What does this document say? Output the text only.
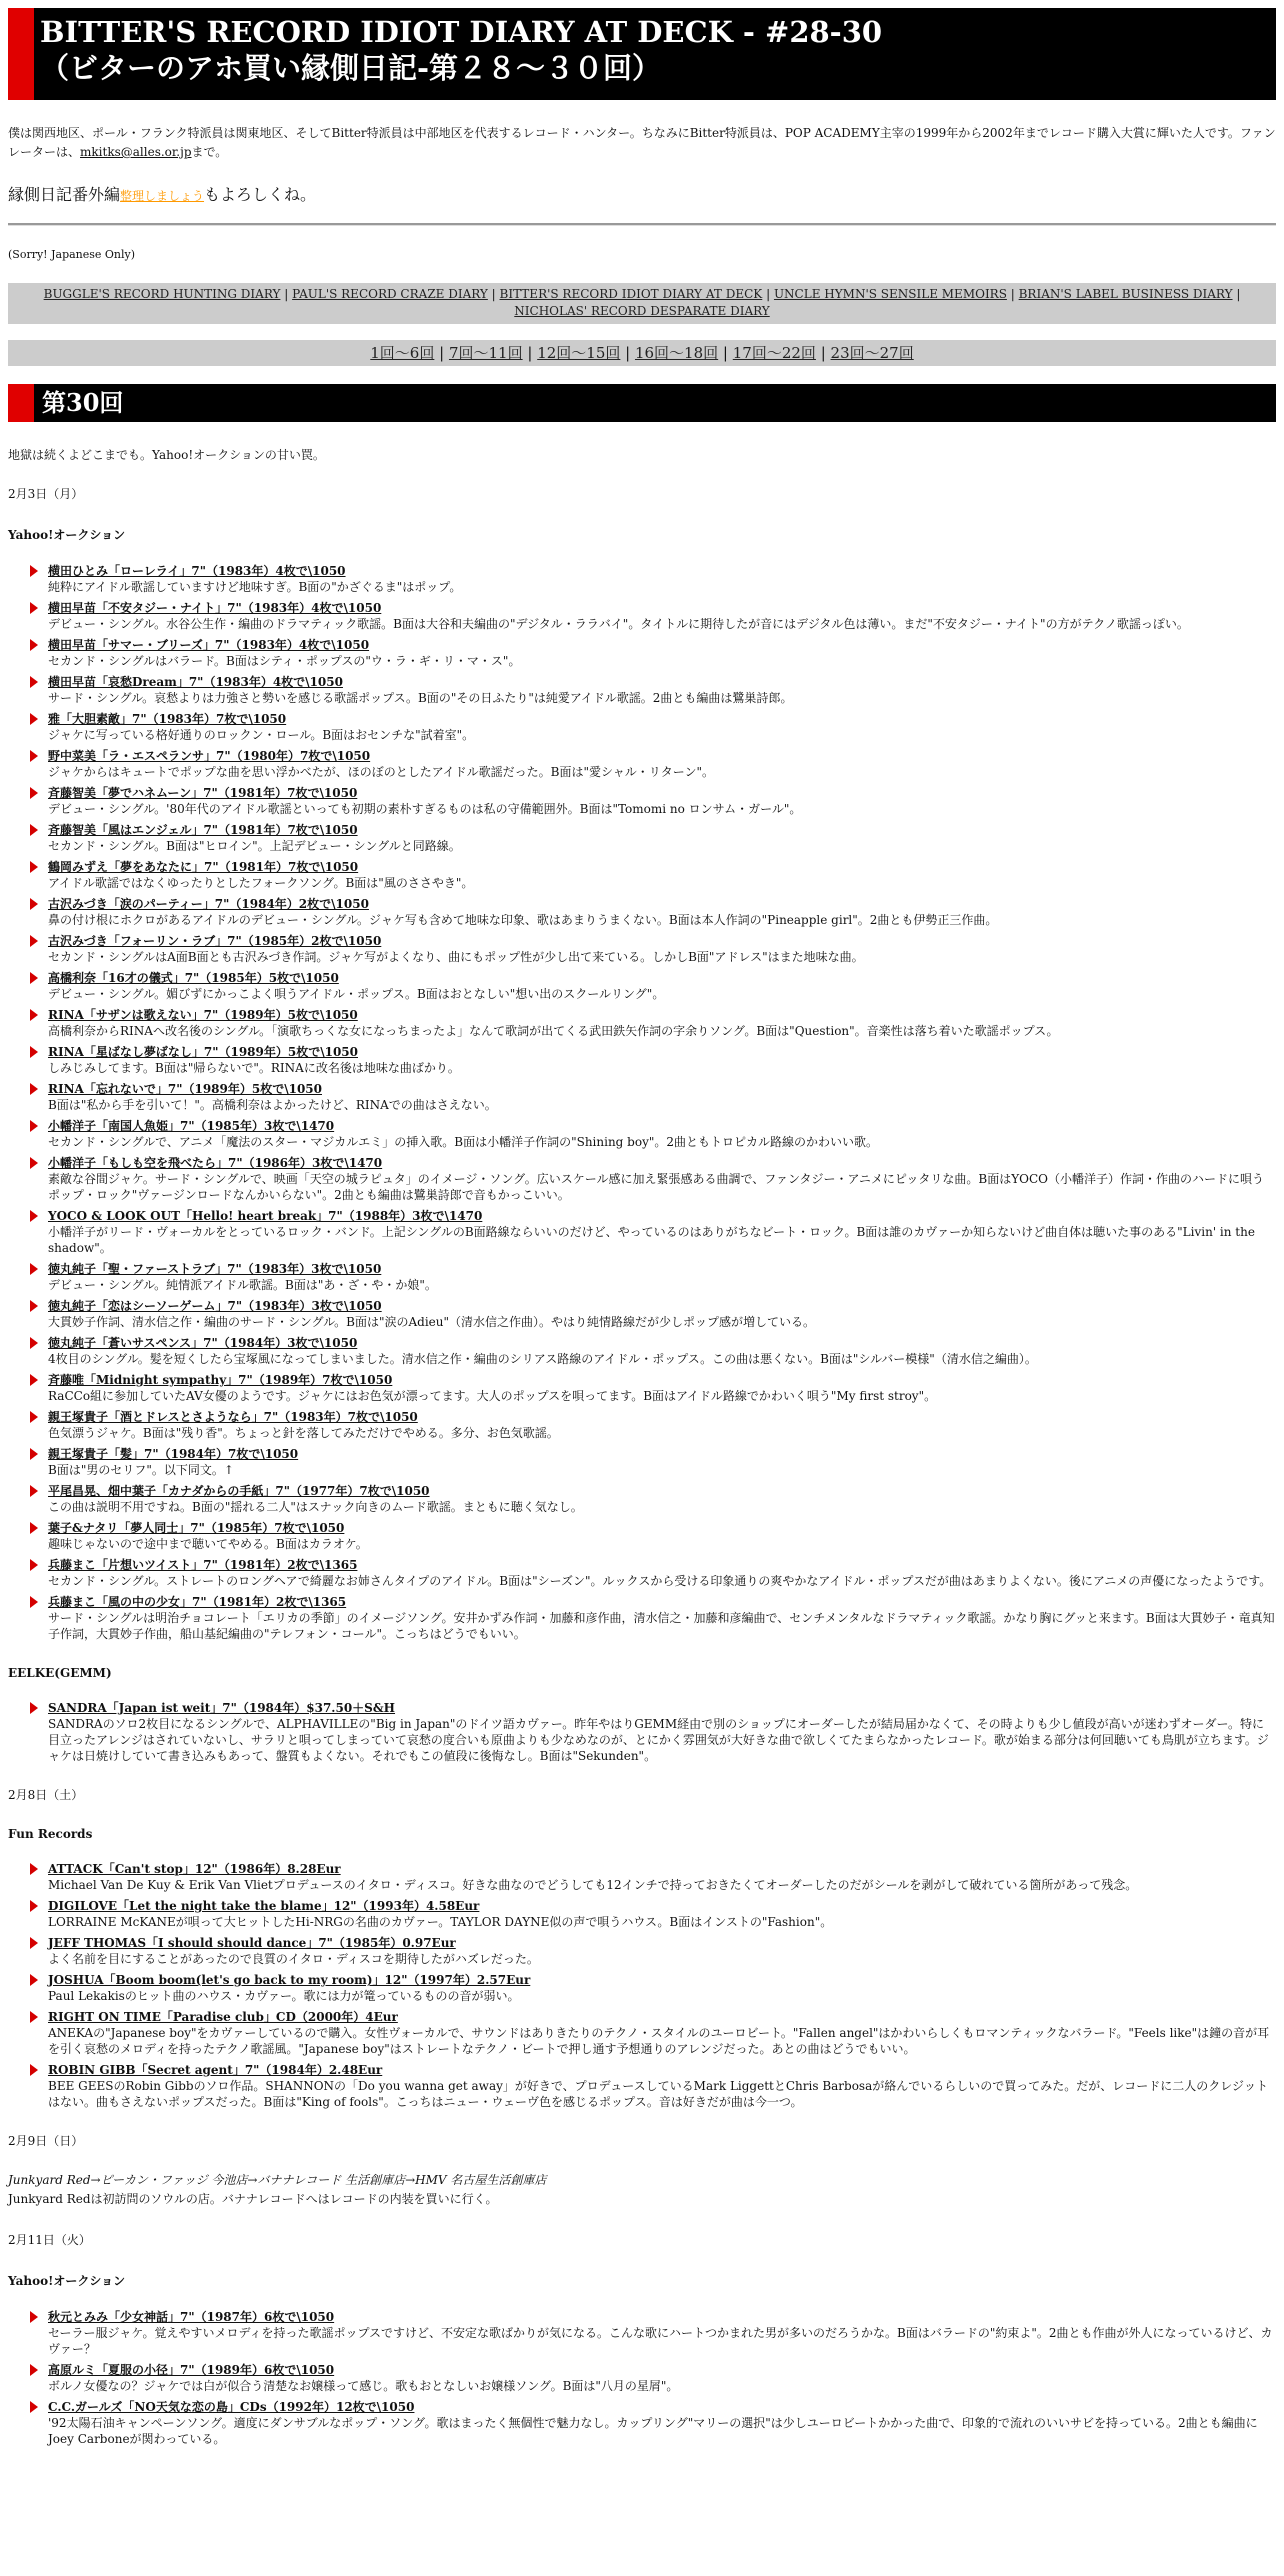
BITTER'S RECORD IDIOT DIARY AT DECK - #28-30
（ビターのアホ買い縁側日記-第２８～３０回）
僕は関西地区、ポール・フランク特派員は関東地区、そしてBitter特派員は中部地区を代表するレコード・ハンター。ちなみにBitter特派員は、POP ACADEMY主宰の1999年から2002年までレコード購入大賞に輝いた人です。ファンレーターは、mkitks@alles.or.jpまで。
縁側日記番外編整理しましょうもよろしくね。
(Sorry! Japanese Only)
BUGGLE'S RECORD HUNTING DIARY | PAUL'S RECORD CRAZE DIARY | BITTER'S RECORD IDIOT DIARY AT DECK | UNCLE HYMN'S SENSILE MEMOIRS | BRIAN'S LABEL BUSINESS DIARY | NICHOLAS' RECORD DESPARATE DIARY
1回～6回 | 7回～11回 | 12回～15回 | 16回～18回 | 17回～22回 | 23回～27回
第30回
地獄は続くよどこまでも。Yahoo!オークションの甘い罠。
2月3日（月）
Yahoo!オークション
横田ひとみ「ローレライ」7"（1983年）4枚で\1050
純粋にアイドル歌謡していますけど地味すぎ。B面の"かざぐるま"はポップ。
横田早苗「不安タジー・ナイト」7"（1983年）4枚で\1050
デビュー・シングル。水谷公生作・編曲のドラマティック歌謡。B面は大谷和夫編曲の"デジタル・ララバイ"。タイトルに期待したが音にはデジタル色は薄い。まだ"不安タジー・ナイト"の方がテクノ歌謡っぽい。
横田早苗「サマー・ブリーズ」7"（1983年）4枚で\1050
セカンド・シングルはバラード。B面はシティ・ポップスの"ウ・ラ・ギ・リ・マ・ス"。
横田早苗「哀愁Dream」7"（1983年）4枚で\1050
サード・シングル。哀愁よりは力強さと勢いを感じる歌謡ポップス。B面の"その日ふたり"は純愛アイドル歌謡。2曲とも編曲は鷺巣詩郎。
雅「大胆素敵」7"（1983年）7枚で\1050
ジャケに写っている格好通りのロックン・ロール。B面はおセンチな"試着室"。
野中菜美「ラ・エスペランサ」7"（1980年）7枚で\1050
ジャケからはキュートでポップな曲を思い浮かべたが、ほのぼのとしたアイドル歌謡だった。B面は"愛シャル・リターン"。
斉藤智美「夢でハネムーン」7"（1981年）7枚で\1050
デビュー・シングル。'80年代のアイドル歌謡といっても初期の素朴すぎるものは私の守備範囲外。B面は"Tomomi no ロンサム・ガール"。
斉藤智美「風はエンジェル」7"（1981年）7枚で\1050
セカンド・シングル。B面は"ヒロイン"。上記デビュー・シングルと同路線。
鶴岡みずえ「夢をあなたに」7"（1981年）7枚で\1050
アイドル歌謡ではなくゆったりとしたフォークソング。B面は"風のささやき"。
古沢みづき「涙のパーティー」7"（1984年）2枚で\1050
鼻の付け根にホクロがあるアイドルのデビュー・シングル。ジャケ写も含めて地味な印象、歌はあまりうまくない。B面は本人作詞の"Pineapple girl"。2曲とも伊勢正三作曲。
古沢みづき「フォーリン・ラブ」7"（1985年）2枚で\1050
セカンド・シングルはA面B面とも古沢みづき作詞。ジャケ写がよくなり、曲にもポップ性が少し出て来ている。しかしB面"アドレス"はまた地味な曲。
高橋利奈「16才の儀式」7"（1985年）5枚で\1050
デビュー・シングル。媚びずにかっこよく唄うアイドル・ポップス。B面はおとなしい"想い出のスクールリング"。
RINA「サザンは歌えない」7"（1989年）5枚で\1050
高橋利奈からRINAへ改名後のシングル。「演歌ちっくな女になっちまったよ」なんて歌詞が出てくる武田鉄矢作詞の字余りソング。B面は"Question"。音楽性は落ち着いた歌謡ポップス。
RINA「星ばなし夢ばなし」7"（1989年）5枚で\1050
しみじみしてます。B面は"帰らないで"。RINAに改名後は地味な曲ばかり。
RINA「忘れないで」7"（1989年）5枚で\1050
B面は"私から手を引いて！"。高橋利奈はよかったけど、RINAでの曲はさえない。
小幡洋子「南国人魚姫」7"（1985年）3枚で\1470
セカンド・シングルで、アニメ「魔法のスター・マジカルエミ」の挿入歌。B面は小幡洋子作詞の"Shining boy"。2曲ともトロピカル路線のかわいい歌。
小幡洋子「もしも空を飛べたら」7"（1986年）3枚で\1470
素敵な谷間ジャケ。サード・シングルで、映画「天空の城ラピュタ」のイメージ・ソング。広いスケール感に加え緊張感ある曲調で、ファンタジー・アニメにピッタリな曲。B面はYOCO（小幡洋子）作詞・作曲のハードに唄うポップ・ロック"ヴァージンロードなんかいらない"。2曲とも編曲は鷺巣詩郎で音もかっこいい。
YOCO & LOOK OUT「Hello! heart break」7"（1988年）3枚で\1470
小幡洋子がリード・ヴォーカルをとっているロック・バンド。上記シングルのB面路線ならいいのだけど、やっているのはありがちなビート・ロック。B面は誰のカヴァーか知らないけど曲自体は聴いた事のある"Livin' in the shadow"。
徳丸純子「聖・ファーストラブ」7"（1983年）3枚で\1050
デビュー・シングル。純情派アイドル歌謡。B面は"あ・ざ・や・か娘"。
徳丸純子「恋はシーソーゲーム」7"（1983年）3枚で\1050
大貫妙子作詞、清水信之作・編曲のサード・シングル。B面は"涙のAdieu"（清水信之作曲）。やはり純情路線だが少しポップ感が増している。
徳丸純子「蒼いサスペンス」7"（1984年）3枚で\1050
4枚目のシングル。髪を短くしたら宝塚風になってしまいました。清水信之作・編曲のシリアス路線のアイドル・ポップス。この曲は悪くない。B面は"シルバー模様"（清水信之編曲）。
斉藤唯「Midnight sympathy」7"（1989年）7枚で\1050
RaCCo組に参加していたAV女優のようです。ジャケにはお色気が漂ってます。大人のポップスを唄ってます。B面はアイドル路線でかわいく唄う"My first stroy"。
親王塚貴子「酒とドレスとさようなら」7"（1983年）7枚で\1050
色気漂うジャケ。B面は"残り香"。ちょっと針を落してみただけでやめる。多分、お色気歌謡。
親王塚貴子「髪」7"（1984年）7枚で\1050
B面は"男のセリフ"。以下同文。↑
平尾昌晃、畑中葉子「カナダからの手紙」7"（1977年）7枚で\1050
この曲は説明不用ですね。B面の"揺れる二人"はスナック向きのムード歌謡。まともに聴く気なし。
葉子&ナタリ「夢人同士」7"（1985年）7枚で\1050
趣味じゃないので途中まで聴いてやめる。B面はカラオケ。
兵藤まこ「片想いツイスト」7"（1981年）2枚で\1365
セカンド・シングル。ストレートのロングヘアで綺麗なお姉さんタイプのアイドル。B面は"シーズン"。ルックスから受ける印象通りの爽やかなアイドル・ポップスだが曲はあまりよくない。後にアニメの声優になったようです。
兵藤まこ「風の中の少女」7"（1981年）2枚で\1365
サード・シングルは明治チョコレート「エリカの季節」のイメージソング。安井かずみ作詞・加藤和彦作曲，清水信之・加藤和彦編曲で、センチメンタルなドラマティック歌謡。かなり胸にグッと来ます。B面は大貫妙子・竜真知子作詞，大貫妙子作曲，船山基紀編曲の"テレフォン・コール"。こっちはどうでもいい。
EELKE(GEMM)
SANDRA「Japan ist weit」7"（1984年）$37.50＋S&H
SANDRAのソロ2枚目になるシングルで、ALPHAVILLEの"Big in Japan"のドイツ語カヴァー。昨年やはりGEMM経由で別のショップにオーダーしたが結局届かなくて、その時よりも少し値段が高いが迷わずオーダー。特に目立ったアレンジはされていないし、サラリと唄ってしまっていて哀愁の度合いも原曲よりも少なめなのが、とにかく雰囲気が大好きな曲で欲しくてたまらなかったレコード。歌が始まる部分は何回聴いても鳥肌が立ちます。ジャケは日焼けしていて書き込みもあって、盤質もよくない。それでもこの値段に後悔なし。B面は"Sekunden"。
2月8日（土）
Fun Records
ATTACK「Can't stop」12"（1986年）8.28Eur
Michael Van De Kuy & Erik Van Vlietプロデュースのイタロ・ディスコ。好きな曲なのでどうしても12インチで持っておきたくてオーダーしたのだがシールを剥がして破れている箇所があって残念。
DIGILOVE「Let the night take the blame」12"（1993年）4.58Eur
LORRAINE McKANEが唄って大ヒットしたHi-NRGの名曲のカヴァー。TAYLOR DAYNE似の声で唄うハウス。B面はインストの"Fashion"。
JEFF THOMAS「I should should dance」7"（1985年）0.97Eur
よく名前を目にすることがあったので良質のイタロ・ディスコを期待したがハズレだった。
JOSHUA「Boom boom(let's go back to my room)」12"（1997年）2.57Eur
Paul Lekakisのヒット曲のハウス・カヴァー。歌には力が篭っているものの音が弱い。
RIGHT ON TIME「Paradise club」CD（2000年）4Eur
ANEKAの"Japanese boy"をカヴァーしているので購入。女性ヴォーカルで、サウンドはありきたりのテクノ・スタイルのユーロビート。"Fallen angel"はかわいらしくもロマンティックなバラード。"Feels like"は鐘の音が耳を引く哀愁のメロディを持ったテクノ歌謡風。"Japanese boy"はストレートなテクノ・ビートで押し通す予想通りのアレンジだった。あとの曲はどうでもいい。
ROBIN GIBB「Secret agent」7"（1984年）2.48Eur
BEE GEESのRobin Gibbのソロ作品。SHANNONの「Do you wanna get away」が好きで、プロデュースしているMark LiggettとChris Barbosaが絡んでいるらしいので買ってみた。だが、レコードに二人のクレジットはない。曲もさえないポップスだった。B面は"King of fools"。こっちはニュー・ウェーヴ色を感じるポップス。音は好きだが曲は今一つ。
2月9日（日）
Junkyard Red→ピーカン・ファッジ 今池店→バナナレコード 生活創庫店→HMV 名古屋生活創庫店
Junkyard Redは初訪問のソウルの店。バナナレコードへはレコードの内装を買いに行く。
2月11日（火）
Yahoo!オークション
秋元とみみ「少女神話」7"（1987年）6枚で\1050
セーラー服ジャケ。覚えやすいメロディを持った歌謡ポップスですけど、不安定な歌ばかりが気になる。こんな歌にハートつかまれた男が多いのだろうかな。B面はバラードの"約束よ"。2曲とも作曲が外人になっているけど、カヴァー？
高原ルミ「夏服の小径」7"（1989年）6枚で\1050
ボルノ女優なの？ジャケでは白が似合う清楚なお嬢様って感じ。歌もおとなしいお嬢様ソング。B面は"八月の星屑"。
C.C.ガールズ「NO天気な恋の島」CDs（1992年）12枚で\1050
'92太陽石油キャンペーンソング。適度にダンサブルなポップ・ソング。歌はまったく無個性で魅力なし。カップリング"マリーの選択"は少しユーロビートかかった曲で、印象的で流れのいいサビを持っている。2曲とも編曲にJoey Carboneが関わっている。
